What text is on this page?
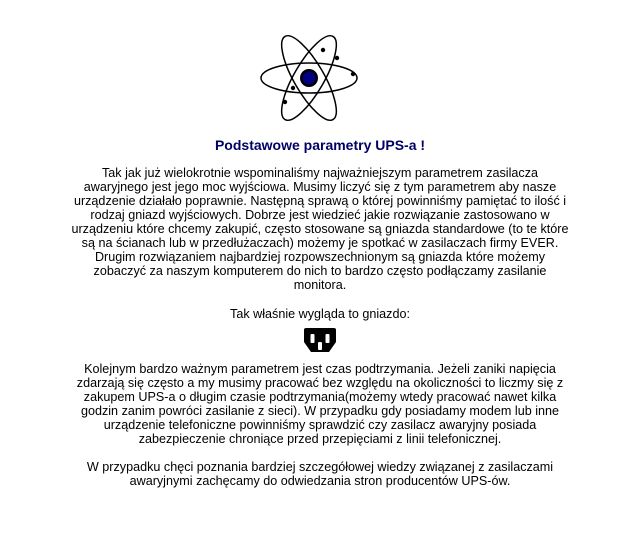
Podstawowe parametry UPS-a !

Tak jak już wielokrotnie wspominaliśmy najważniejszym parametrem zasilacza awaryjnego jest jego moc wyjściowa. Musimy liczyć się z tym parametrem aby nasze urządzenie działało poprawnie. Następną sprawą o której powinniśmy pamiętać to ilość i rodzaj gniazd wyjściowych. Dobrze jest wiedzieć jakie rozwiązanie zastosowano w urządzeniu które chcemy zakupić, często stosowane są gniazda standardowe (to te które są na ścianach lub w przedłużaczach) możemy je spotkać w zasilaczach firmy EVER. Drugim rozwiązaniem najbardziej rozpowszechnionym są gniazda które możemy zobaczyć za naszym komputerem do nich to bardzo często podłączamy zasilanie monitora.

Tak właśnie wygląda to gniazdo:

Kolejnym bardzo ważnym parametrem jest czas podtrzymania. Jeżeli zaniki napięcia zdarzają się często a my musimy pracować bez względu na okoliczności to liczmy się z zakupem UPS-a o długim czasie podtrzymania(możemy wtedy pracować nawet kilka godzin zanim powróci zasilanie z sieci). W przypadku gdy posiadamy modem lub inne urządzenie telefoniczne powinniśmy sprawdzić czy zasilacz awaryjny posiada zabezpieczenie chroniące przed przepięciami z linii telefonicznej.

W przypadku chęci poznania bardziej szczegółowej wiedzy związanej z zasilaczami awaryjnymi zachęcamy do odwiedzania stron producentów UPS-ów.
